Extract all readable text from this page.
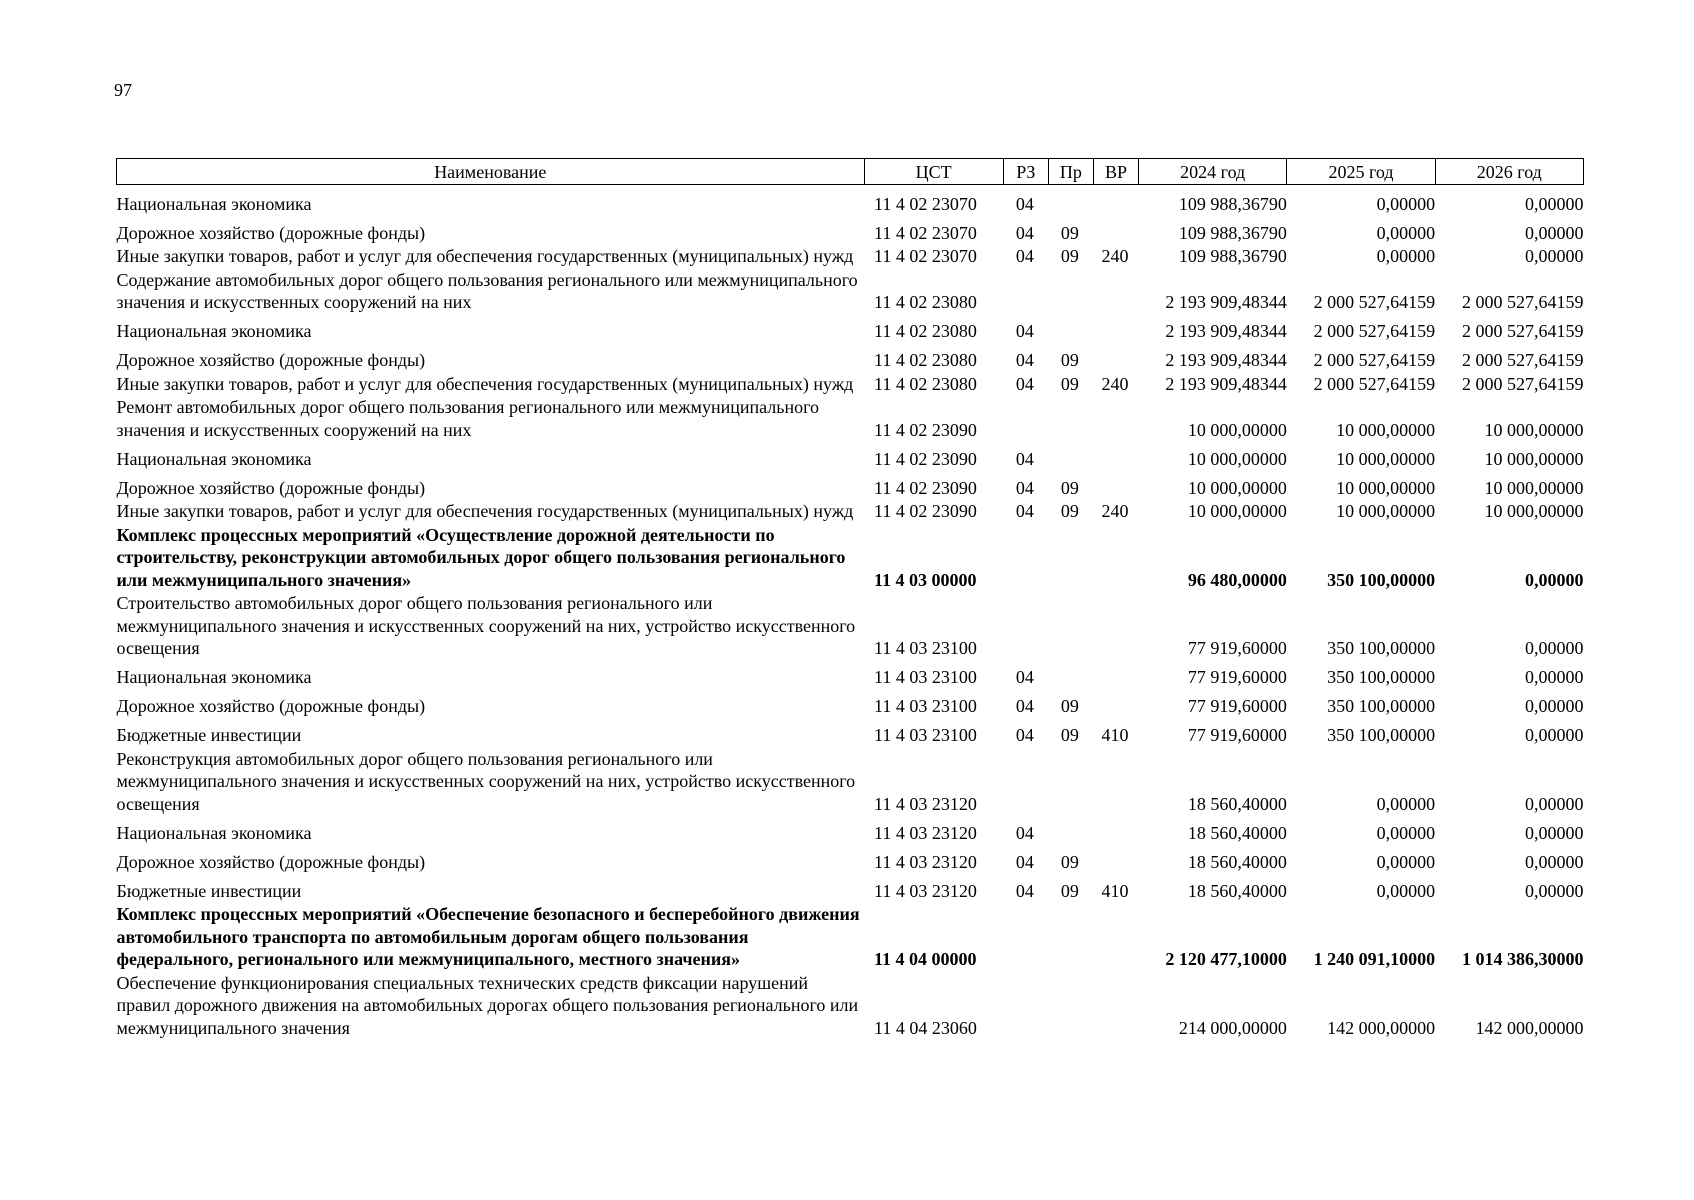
97
Наименование	ЦСТ	РЗ	Пр	ВР	2024 год	2025 год	2026 год
Национальная экономика	11 4 02 23070	04			109 988,36790	0,00000	0,00000
Дорожное хозяйство (дорожные фонды)	11 4 02 23070	04	09		109 988,36790	0,00000	0,00000
Иные закупки товаров, работ и услуг для обеспечения государственных (муниципальных) нужд	11 4 02 23070	04	09	240	109 988,36790	0,00000	0,00000
Содержание автомобильных дорог общего пользования регионального или межмуниципального значения и искусственных сооружений на них	11 4 02 23080				2 193 909,48344	2 000 527,64159	2 000 527,64159
Национальная экономика	11 4 02 23080	04			2 193 909,48344	2 000 527,64159	2 000 527,64159
Дорожное хозяйство (дорожные фонды)	11 4 02 23080	04	09		2 193 909,48344	2 000 527,64159	2 000 527,64159
Иные закупки товаров, работ и услуг для обеспечения государственных (муниципальных) нужд	11 4 02 23080	04	09	240	2 193 909,48344	2 000 527,64159	2 000 527,64159
Ремонт автомобильных дорог общего пользования регионального или межмуниципального значения и искусственных сооружений на них	11 4 02 23090				10 000,00000	10 000,00000	10 000,00000
Национальная экономика	11 4 02 23090	04			10 000,00000	10 000,00000	10 000,00000
Дорожное хозяйство (дорожные фонды)	11 4 02 23090	04	09		10 000,00000	10 000,00000	10 000,00000
Иные закупки товаров, работ и услуг для обеспечения государственных (муниципальных) нужд	11 4 02 23090	04	09	240	10 000,00000	10 000,00000	10 000,00000
Комплекс процессных мероприятий «Осуществление дорожной деятельности по строительству, реконструкции автомобильных дорог общего пользования регионального или межмуниципального значения»	11 4 03 00000				96 480,00000	350 100,00000	0,00000
Строительство автомобильных дорог общего пользования регионального или межмуниципального значения и искусственных сооружений на них, устройство искусственного освещения	11 4 03 23100				77 919,60000	350 100,00000	0,00000
Национальная экономика	11 4 03 23100	04			77 919,60000	350 100,00000	0,00000
Дорожное хозяйство (дорожные фонды)	11 4 03 23100	04	09		77 919,60000	350 100,00000	0,00000
Бюджетные инвестиции	11 4 03 23100	04	09	410	77 919,60000	350 100,00000	0,00000
Реконструкция автомобильных дорог общего пользования регионального или межмуниципального значения и искусственных сооружений на них, устройство искусственного освещения	11 4 03 23120				18 560,40000	0,00000	0,00000
Национальная экономика	11 4 03 23120	04			18 560,40000	0,00000	0,00000
Дорожное хозяйство (дорожные фонды)	11 4 03 23120	04	09		18 560,40000	0,00000	0,00000
Бюджетные инвестиции	11 4 03 23120	04	09	410	18 560,40000	0,00000	0,00000
Комплекс процессных мероприятий «Обеспечение безопасного и бесперебойного движения автомобильного транспорта по автомобильным дорогам общего пользования федерального, регионального или межмуниципального, местного значения»	11 4 04 00000				2 120 477,10000	1 240 091,10000	1 014 386,30000
Обеспечение функционирования специальных технических средств фиксации нарушений правил дорожного движения на автомобильных дорогах общего пользования регионального или межмуниципального значения	11 4 04 23060				214 000,00000	142 000,00000	142 000,00000
